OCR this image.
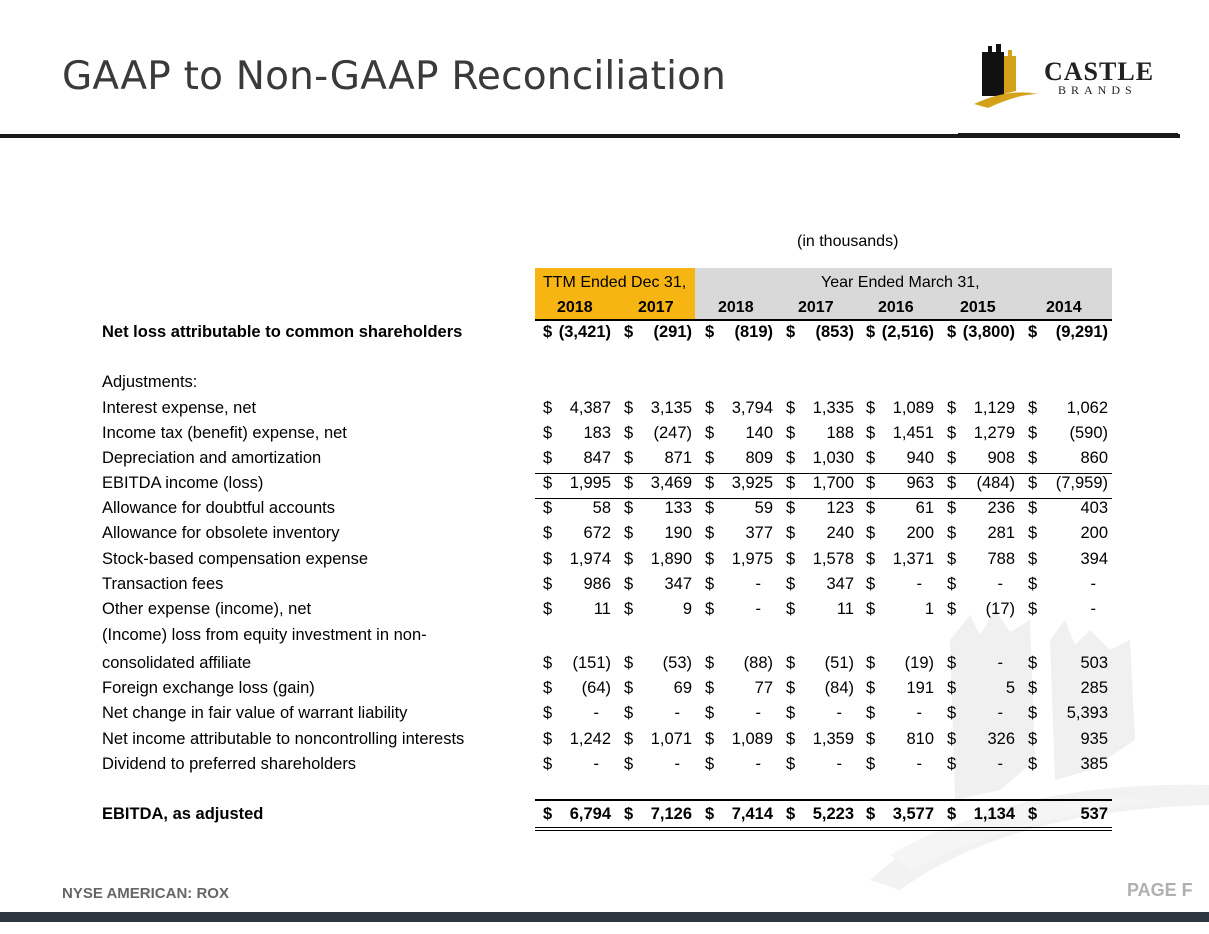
GAAP to Non-GAAP Reconciliation	CASTLE
BRANDS
(in thousands)
TTM Ended Dec 31,	Year Ended March 31,
2018	2017	2018	2017	2016	2015	2014
Net loss attributable to common shareholders	$ (3,421) $ (291) $ (819) $ (853) $ (2,516) $ (3,800) $ (9,291)
Adjustments:
Interest expense, net	$ 4,387 $ 3,135 $ 3,794 $ 1,335 $ 1,089 $ 1,129 $ 1,062
Income tax (benefit) expense, net	$ 183 $ (247) $ 140 $ 188 $ 1,451 $ 1,279 $ (590)
Depreciation and amortization	$ 847 $ 871 $ 809 $ 1,030 $ 940 $ 908 $	860
EBITDA income (loss)	$ 1,995 $ 3,469 $ 3,925 $ 1,700 $ 963 $ (484) $ (7,959)
Allowance for doubtful accounts	$ 58 $ 133 $ 59 $ 123 $ 61 $ 236 $	403
Allowance for obsolete inventory	$ 672 $ 190 $ 377 $ 240 $ 200 $ 281 $	200
Stock-based compensation expense	$ 1,974 $ 1,890 $ 1,975 $ 1,578 $ 1,371 $ 788 $	394
Transaction fees	$ 986 $ 347 $	- $ 347 $	- $	- $	-
Other expense (income), net	$	11 $	9 $	- $	11 $	1 $ (17) $	-
(Income) loss from equity investment in non-
consolidated affiliate	$ (151) $ (53) $ (88) $ (51) $ (19) $	- $	503
Foreign exchange loss (gain)	$ (64) $ 69 $ 77 $ (84) $ 191 $	5 $	285
Net change in fair value of warrant liability	$	- $	- $	- $	- $	- $	- $ 5,393
Net income attributable to noncontrolling interests	$ 1,242 $ 1,071 $ 1,089 $ 1,359 $ 810 $ 326 $	935
Dividend to preferred shareholders	$	- $	- $	- $	- $	- $	- $	385
EBITDA, as adjusted	$ 6,794 $ 7,126 $ 7,414 $ 5,223 $ 3,577 $ 1,134 $	537
NYSE AMERICAN: ROX	PAGE F
